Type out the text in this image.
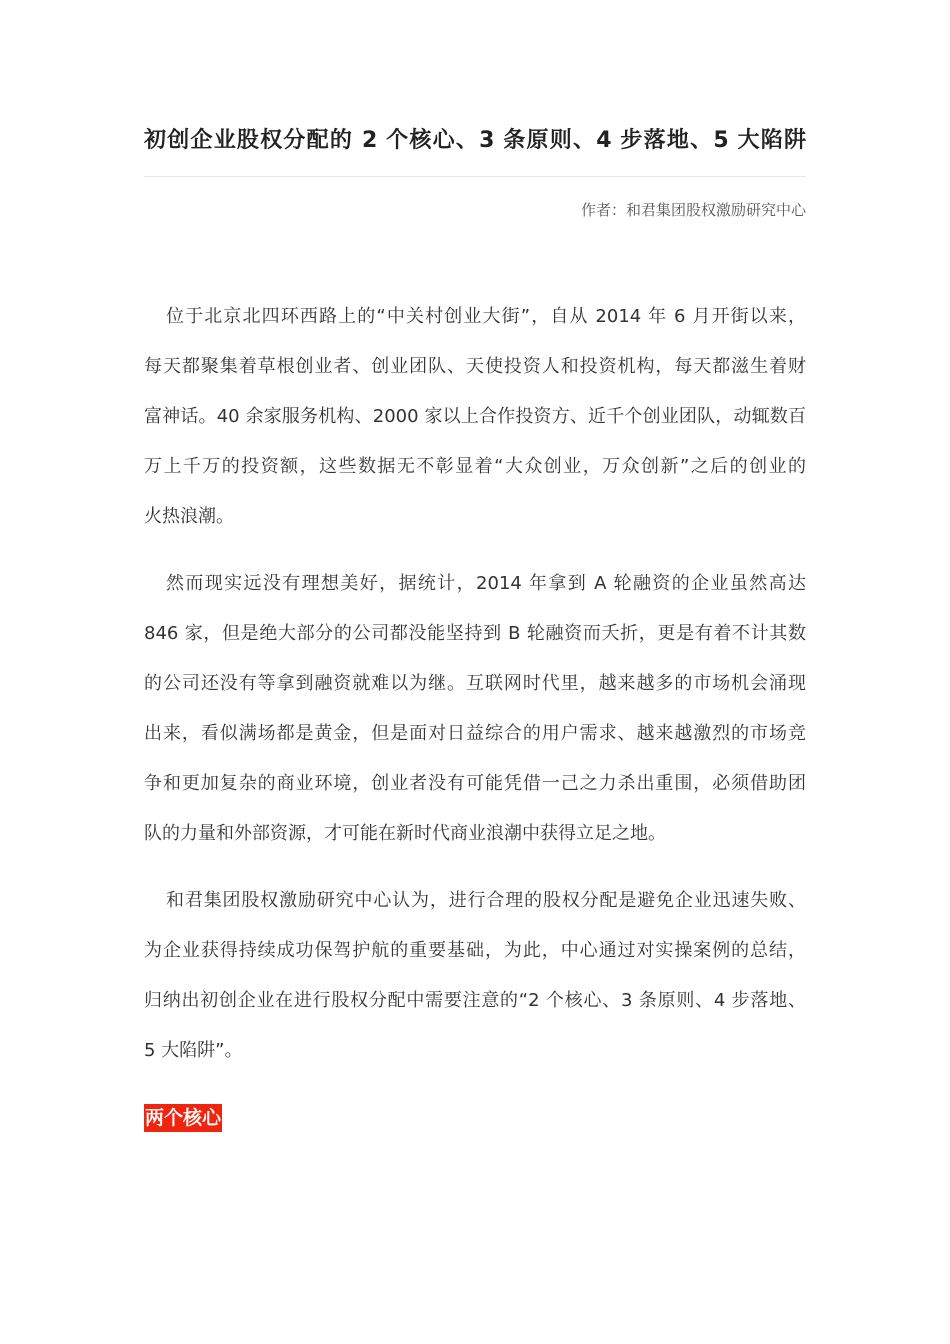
初创企业股权分配的 2 个核心、3 条原则、4 步落地、5 大陷阱
作者：和君集团股权激励研究中心
位于北京北四环西路上的“中关村创业大街”，自从 2014 年 6 月开街以来，
每天都聚集着草根创业者、创业团队、天使投资人和投资机构，每天都滋生着财
富神话。40 余家服务机构、2000 家以上合作投资方、近千个创业团队，动辄数百
万上千万的投资额，这些数据无不彰显着“大众创业，万众创新”之后的创业的
火热浪潮。
然而现实远没有理想美好，据统计，2014 年拿到 A 轮融资的企业虽然高达
846 家，但是绝大部分的公司都没能坚持到 B 轮融资而夭折，更是有着不计其数
的公司还没有等拿到融资就难以为继。互联网时代里，越来越多的市场机会涌现
出来，看似满场都是黄金，但是面对日益综合的用户需求、越来越激烈的市场竞
争和更加复杂的商业环境，创业者没有可能凭借一己之力杀出重围，必须借助团
队的力量和外部资源，才可能在新时代商业浪潮中获得立足之地。
和君集团股权激励研究中心认为，进行合理的股权分配是避免企业迅速失败、
为企业获得持续成功保驾护航的重要基础，为此，中心通过对实操案例的总结，
归纳出初创企业在进行股权分配中需要注意的“2 个核心、3 条原则、4 步落地、
5 大陷阱”。
两个核心
